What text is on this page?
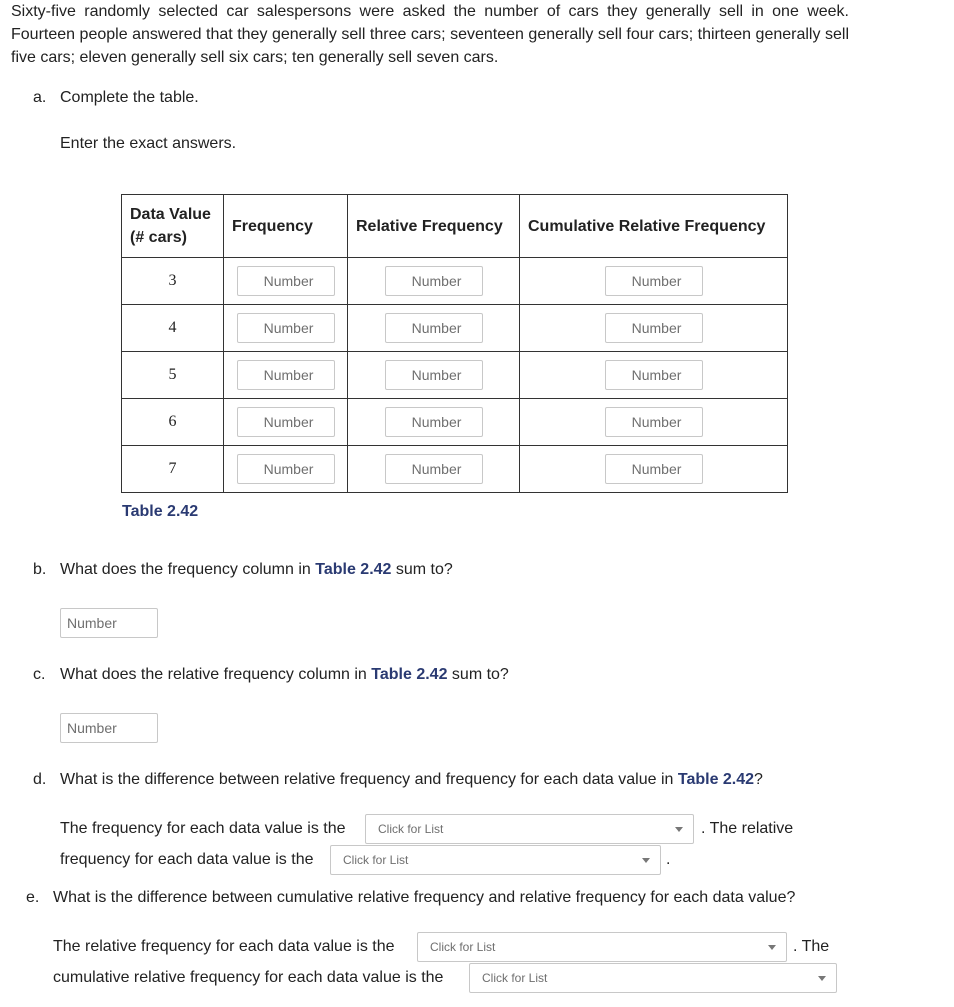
Sixty-five randomly selected car salespersons were asked the number of cars they generally sell in one week. Fourteen people answered that they generally sell three cars; seventeen generally sell four cars; thirteen generally sell five cars; eleven generally sell six cars; ten generally sell seven cars.
a. Complete the table.
Enter the exact answers.
Data Value
(# cars)	Frequency	Relative Frequency	Cumulative Relative Frequency
3	Number	Number	Number
4	Number	Number	Number
5	Number	Number	Number
6	Number	Number	Number
7	Number	Number	Number
Table 2.42
b. What does the frequency column in Table 2.42 sum to?
Number
c. What does the relative frequency column in Table 2.42 sum to?
Number
d. What is the difference between relative frequency and frequency for each data value in Table 2.42?
The frequency for each data value is the	Click for List	. The relative
frequency for each data value is the	Click for List	.
e. What is the difference between cumulative relative frequency and relative frequency for each data value?
The relative frequency for each data value is the	Click for List	. The
cumulative relative frequency for each data value is the	Click for List
